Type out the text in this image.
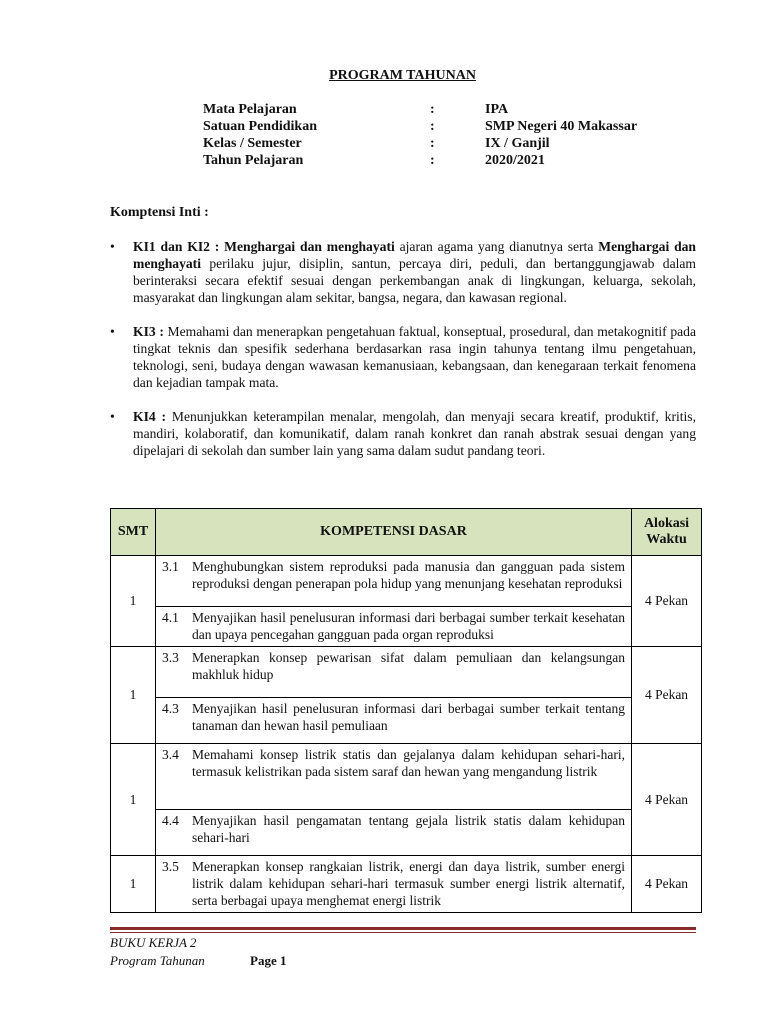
PROGRAM TAHUNAN
Mata Pelajaran	:	IPA
Satuan Pendidikan	:	SMP Negeri 40 Makassar
Kelas / Semester	:	IX / Ganjil
Tahun Pelajaran	:	2020/2021
Komptensi Inti :
• KI1 dan KI2 : Menghargai dan menghayati ajaran agama yang dianutnya serta Menghargai dan menghayati perilaku jujur, disiplin, santun, percaya diri, peduli, dan bertanggungjawab dalam berinteraksi secara efektif sesuai dengan perkembangan anak di lingkungan, keluarga, sekolah, masyarakat dan lingkungan alam sekitar, bangsa, negara, dan kawasan regional.
• KI3 : Memahami dan menerapkan pengetahuan faktual, konseptual, prosedural, dan metakognitif pada tingkat teknis dan spesifik sederhana berdasarkan rasa ingin tahunya tentang ilmu pengetahuan, teknologi, seni, budaya dengan wawasan kemanusiaan, kebangsaan, dan kenegaraan terkait fenomena dan kejadian tampak mata.
• KI4 : Menunjukkan keterampilan menalar, mengolah, dan menyaji secara kreatif, produktif, kritis, mandiri, kolaboratif, dan komunikatif, dalam ranah konkret dan ranah abstrak sesuai dengan yang dipelajari di sekolah dan sumber lain yang sama dalam sudut pandang teori.
SMT	KOMPETENSI DASAR	Alokasi
Waktu

1	3.1 Menghubungkan sistem reproduksi pada manusia dan gangguan pada sistem reproduksi dengan penerapan pola hidup yang menunjang kesehatan reproduksi	4 Pekan

	4.1 Menyajikan hasil penelusuran informasi dari berbagai sumber terkait kesehatan dan upaya pencegahan gangguan pada organ reproduksi	

1	3.3 Menerapkan konsep pewarisan sifat dalam pemuliaan dan kelangsungan makhluk hidup	4 Pekan

	4.3 Menyajikan hasil penelusuran informasi dari berbagai sumber terkait tentang tanaman dan hewan hasil pemuliaan	

1	3.4 Memahami konsep listrik statis dan gejalanya dalam kehidupan sehari-hari, termasuk kelistrikan pada sistem saraf dan hewan yang mengandung listrik	4 Pekan

	4.4 Menyajikan hasil pengamatan tentang gejala listrik statis dalam kehidupan sehari-hari	

1	3.5 Menerapkan konsep rangkaian listrik, energi dan daya listrik, sumber energi listrik dalam kehidupan sehari-hari termasuk sumber energi listrik alternatif, serta berbagai upaya menghemat energi listrik	4 Pekan
BUKU KERJA 2
Program Tahunan	Page 1
